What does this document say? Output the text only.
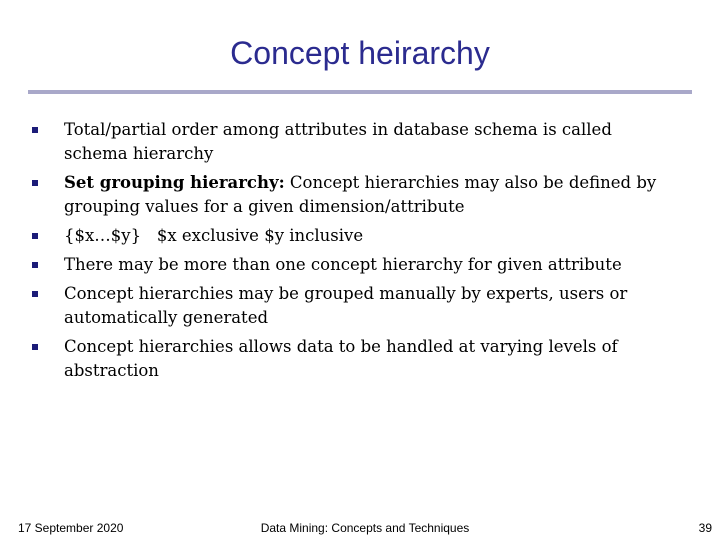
Concept heirarchy
Total/partial order among attributes in database schema is called schema hierarchy
Set grouping hierarchy: Concept hierarchies may also be defined by grouping values for a given dimension/attribute
{$x…$y}   $x exclusive $y inclusive
There may be more than one concept hierarchy for given attribute
Concept hierarchies may be grouped manually by experts, users or automatically generated
Concept hierarchies allows data to be handled at varying levels of abstraction
17 September 2020	Data Mining: Concepts and Techniques	39
